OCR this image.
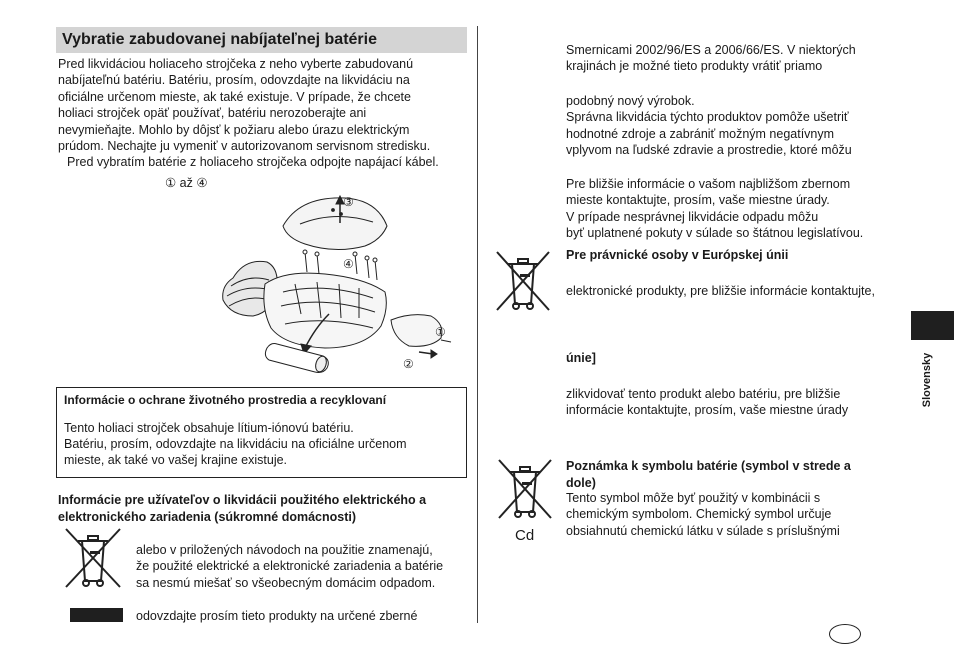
Vybratie zabudovanej nabíjateľnej batérie

Pred likvidáciou holiaceho strojčeka z neho vyberte zabudovanú

nabíjateľnú batériu. Batériu, prosím, odovzdajte na likvidáciu na

oficiálne určenom mieste, ak také existuje. V prípade, že chcete

holiaci strojček opäť používať, batériu nerozoberajte ani

nevymieňajte. Mohlo by dôjsť k požiaru alebo úrazu elektrickým

prúdom. Nechajte ju vymeniť v autorizovanom servisnom stredisku.

Pred vybratím batérie z holiaceho strojčeka odpojte napájací kábel.

① až ④
③
④
①
②
Informácie o ochrane životného prostredia a recyklovaní
Tento holiaci strojček obsahuje lítium-iónovú batériu.
Batériu, prosím, odovzdajte na likvidáciu na oficiálne určenom
mieste, ak také vo vašej krajine existuje.
Informácie pre užívateľov o likvidácii použitého elektrického a
elektronického zariadenia (súkromné domácnosti)

alebo v priložených návodoch na použitie znamenajú,

že použité elektrické a elektronické zariadenia a batérie

sa nesmú miešať so všeobecným domácim odpadom.

odovzdajte prosím tieto produkty na určené zberné

Smernicami 2002/96/ES a 2006/66/ES. V niektorých

krajinách je možné tieto produkty vrátiť priamo

podobný nový výrobok.

Správna likvidácia týchto produktov pomôže ušetriť

hodnotné zdroje a zabrániť možným negatívnym

vplyvom na ľudské zdravie a prostredie, ktoré môžu

Pre bližšie informácie o vašom najbližšom zbernom

mieste kontaktujte, prosím, vaše miestne úrady.

V prípade nesprávnej likvidácie odpadu môžu

byť uplatnené pokuty v súlade so štátnou legislatívou.

Pre právnické osoby v Európskej únii
elektronické produkty, pre bližšie informácie kontaktujte,
únie]

zlikvidovať tento produkt alebo batériu, pre bližšie

informácie kontaktujte, prosím, vaše miestne úrady

Cd
Poznámka k symbolu batérie (symbol v strede a
dole)

Tento symbol môže byť použitý v kombinácii s

chemickým symbolom. Chemický symbol určuje

obsiahnutú chemickú látku v súlade s príslušnými

Slovensky
